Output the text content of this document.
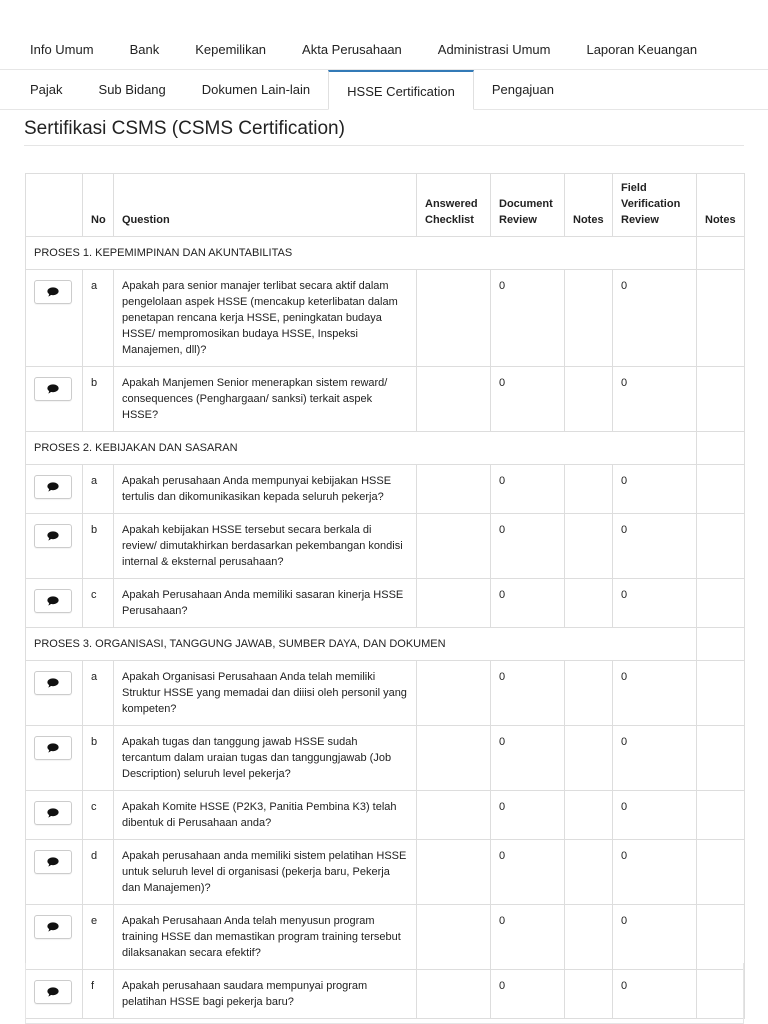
Info Umum	Bank	Kepemilikan	Akta Perusahaan	Administrasi Umum	Laporan Keuangan
Pajak	Sub Bidang	Dokumen Lain-lain	HSSE Certification	Pengajuan
Sertifikasi CSMS (CSMS Certification)
	No	Question	Answered Checklist	Document Review	Notes	Field Verification Review	Notes
PROSES 1. KEPEMIMPINAN DAN AKUNTABILITAS							

	a	Apakah para senior manajer terlibat secara aktif dalam pengelolaan aspek HSSE (mencakup keterlibatan dalam penetapan rencana kerja HSSE, peningkatan budaya HSSE/ mempromosikan budaya HSSE, Inspeksi Manajemen, dll)?		0		0	

	b	Apakah Manjemen Senior menerapkan sistem reward/ consequences (Penghargaan/ sanksi) terkait aspek HSSE?		0		0	
PROSES 2. KEBIJAKAN DAN SASARAN							

	a	Apakah perusahaan Anda mempunyai kebijakan HSSE tertulis dan dikomunikasikan kepada seluruh pekerja?		0		0	

	b	Apakah kebijakan HSSE tersebut secara berkala di review/ dimutakhirkan berdasarkan pekembangan kondisi internal & eksternal perusahaan?		0		0	

	c	Apakah Perusahaan Anda memiliki sasaran kinerja HSSE Perusahaan?		0		0	
PROSES 3. ORGANISASI, TANGGUNG JAWAB, SUMBER DAYA, DAN DOKUMEN							

	a	Apakah Organisasi Perusahaan Anda telah memiliki Struktur HSSE yang memadai dan diiisi oleh personil yang kompeten?		0		0	

	b	Apakah tugas dan tanggung jawab HSSE sudah tercantum dalam uraian tugas dan tanggungjawab (Job Description) seluruh level pekerja?		0		0	

	c	Apakah Komite HSSE (P2K3, Panitia Pembina K3) telah dibentuk di Perusahaan anda?		0		0	

	d	Apakah perusahaan anda memiliki sistem pelatihan HSSE untuk seluruh level di organisasi (pekerja baru, Pekerja dan Manajemen)?		0		0	

	e	Apakah Perusahaan Anda telah menyusun program training HSSE dan memastikan program training tersebut dilaksanakan secara efektif?		0		0	

	f	Apakah perusahaan saudara mempunyai program pelatihan HSSE bagi pekerja baru?		0		0	
